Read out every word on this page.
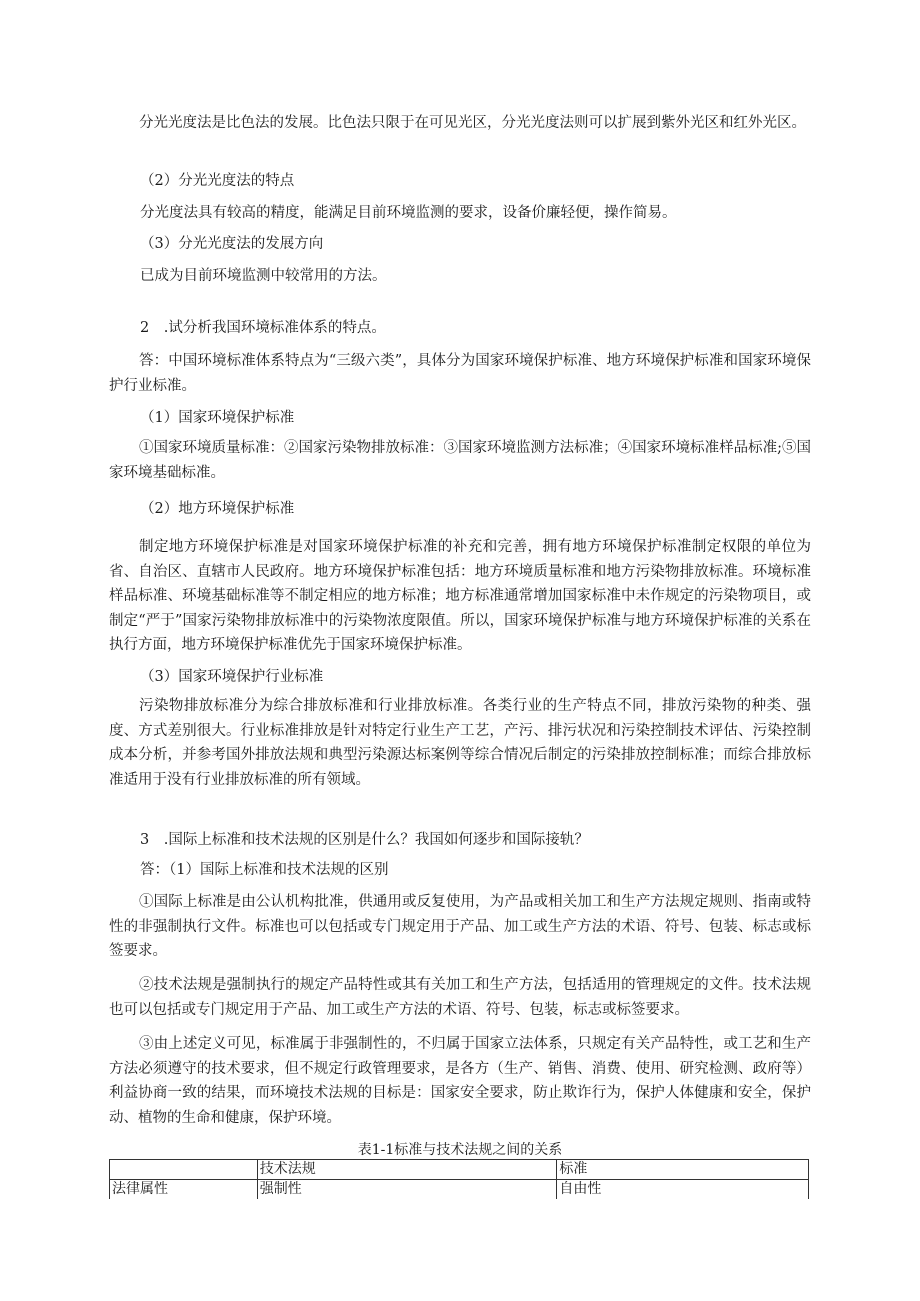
分光光度法是比色法的发展。比色法只限于在可见光区，分光光度法则可以扩展到紫外光区和红外光区。

（2）分光光度法的特点

分光度法具有较高的精度，能满足目前环境监测的要求，设备价廉轻便，操作简易。

（3）分光光度法的发展方向

已成为目前环境监测中较常用的方法。

2　.试分析我国环境标准体系的特点。

答：中国环境标准体系特点为“三级六类”，具体分为国家环境保护标准、地方环境保护标准和国家环境保护行业标准。

（1）国家环境保护标准

①国家环境质量标准：②国家污染物排放标准：③国家环境监测方法标准；④国家环境标准样品标准;⑤国家环境基础标准。

（2）地方环境保护标准

制定地方环境保护标准是对国家环境保护标准的补充和完善，拥有地方环境保护标准制定权限的单位为省、自治区、直辖市人民政府。地方环境保护标准包括：地方环境质量标准和地方污染物排放标准。环境标准样品标准、环境基础标准等不制定相应的地方标准；地方标准通常增加国家标准中未作规定的污染物项目，或制定“严于”国家污染物排放标准中的污染物浓度限值。所以，国家环境保护标准与地方环境保护标准的关系在执行方面，地方环境保护标准优先于国家环境保护标准。

（3）国家环境保护行业标准

污染物排放标准分为综合排放标准和行业排放标准。各类行业的生产特点不同，排放污染物的种类、强度、方式差别很大。行业标准排放是针对特定行业生产工艺，产污、排污状况和污染控制技术评估、污染控制成本分析，并参考国外排放法规和典型污染源达标案例等综合情况后制定的污染排放控制标准；而综合排放标准适用于没有行业排放标准的所有领域。

3　.国际上标准和技术法规的区别是什么？我国如何逐步和国际接轨？

答：（1）国际上标准和技术法规的区别

①国际上标准是由公认机构批准，供通用或反复使用，为产品或相关加工和生产方法规定规则、指南或特性的非强制执行文件。标准也可以包括或专门规定用于产品、加工或生产方法的术语、符号、包装、标志或标签要求。

②技术法规是强制执行的规定产品特性或其有关加工和生产方法，包括适用的管理规定的文件。技术法规也可以包括或专门规定用于产品、加工或生产方法的术语、符号、包装，标志或标签要求。

③由上述定义可见，标准属于非强制性的，不归属于国家立法体系，只规定有关产品特性，或工艺和生产方法必须遵守的技术要求，但不规定行政管理要求，是各方（生产、销售、消费、使用、研究检测、政府等）利益协商一致的结果，而环境技术法规的目标是：国家安全要求，防止欺诈行为，保护人体健康和安全，保护动、植物的生命和健康，保护环境。

表1-1标准与技术法规之间的关系

	技术法规	标准
法律属性	强制性	自由性
